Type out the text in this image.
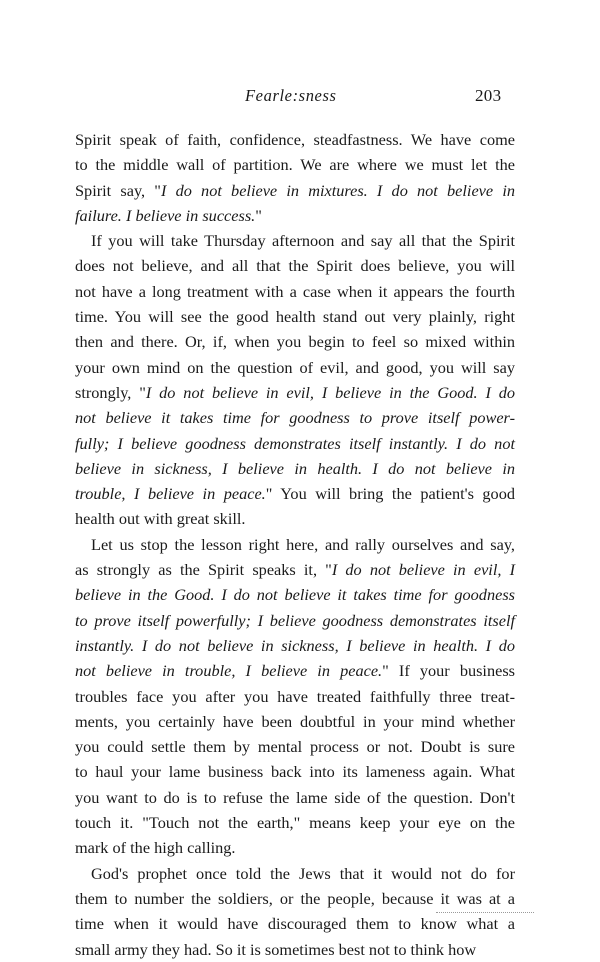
Fearle:sness	203
Spirit speak of faith, confidence, steadfastness. We have come
to the middle wall of partition. We are where we must let the
Spirit say, "I do not believe in mixtures. I do not believe in
failure. I believe in success."
If you will take Thursday afternoon and say all that the Spirit
does not believe, and all that the Spirit does believe, you will
not have a long treatment with a case when it appears the fourth
time. You will see the good health stand out very plainly, right
then and there. Or, if, when you begin to feel so mixed within
your own mind on the question of evil, and good, you will say
strongly, "I do not believe in evil, I believe in the Good. I do
not believe it takes time for goodness to prove itself power-
fully; I believe goodness demonstrates itself instantly. I do not
believe in sickness, I believe in health. I do not believe in
trouble, I believe in peace." You will bring the patient's good
health out with great skill.
Let us stop the lesson right here, and rally ourselves and say,
as strongly as the Spirit speaks it, "I do not believe in evil, I
believe in the Good. I do not believe it takes time for goodness
to prove itself powerfully; I believe goodness demonstrates itself
instantly. I do not believe in sickness, I believe in health. I do
not believe in trouble, I believe in peace." If your business
troubles face you after you have treated faithfully three treat-
ments, you certainly have been doubtful in your mind whether
you could settle them by mental process or not. Doubt is sure
to haul your lame business back into its lameness again. What
you want to do is to refuse the lame side of the question. Don't
touch it. "Touch not the earth," means keep your eye on the
mark of the high calling.
God's prophet once told the Jews that it would not do for
them to number the soldiers, or the people, because it was at a
time when it would have discouraged them to know what a
small army they had. So it is sometimes best not to think how
